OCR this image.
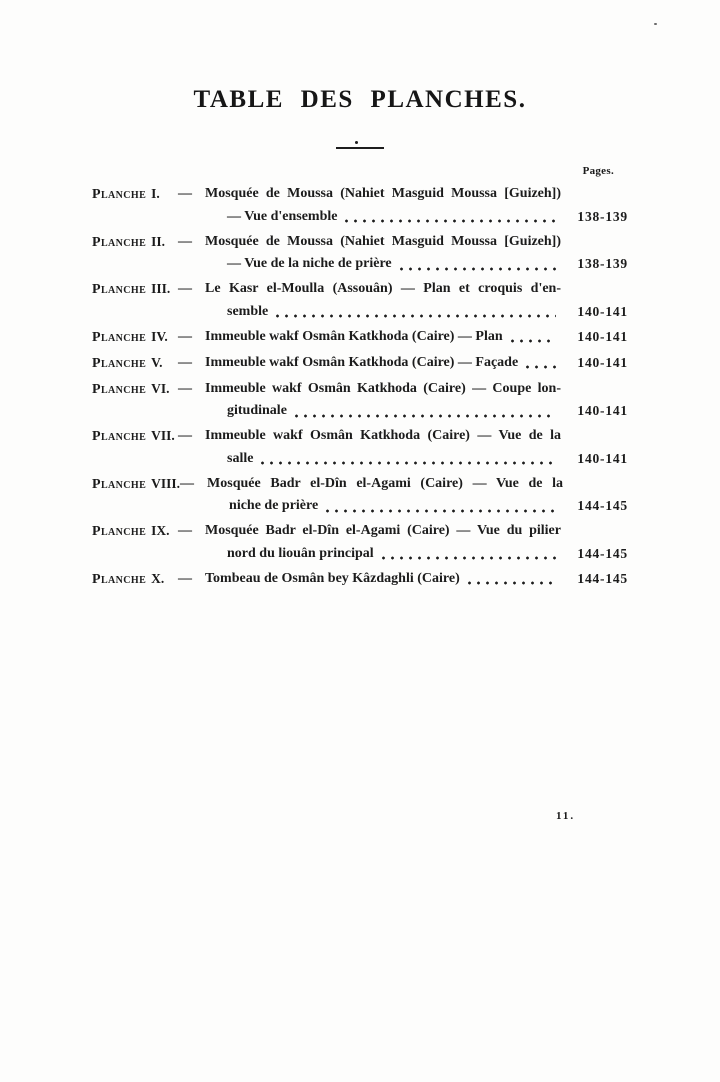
TABLE DES PLANCHES.
Pages.
Planche I.	— Mosquée de Moussa (Nahiet Masguid Moussa [Guizeh])
— Vue d'ensemble	138-139
Planche II. — Mosquée de Moussa (Nahiet Masguid Moussa [Guizeh])
— Vue de la niche de prière	138-139
Planche III. — Le Kasr el-Moulla (Assouân) — Plan et croquis d'en-
semble	140-141
Planche IV. — Immeuble wakf Osmân Katkhoda (Caire) — Plan	140-141
Planche V.	— Immeuble wakf Osmân Katkhoda (Caire) — Façade	140-141
Planche VI. — Immeuble wakf Osmân Katkhoda (Caire) — Coupe lon-
gitudinale	140-141
Planche VII. — Immeuble wakf Osmân Katkhoda (Caire) — Vue de la
salle	140-141
Planche VIII. — Mosquée Badr el-Dîn el-Agami (Caire) — Vue de la
niche de prière	144-145
Planche IX. — Mosquée Badr el-Dîn el-Agami (Caire) — Vue du pilier
nord du liouân principal	144-145
Planche X. — Tombeau de Osmân bey Kâzdaghli (Caire)	144-145
11.
